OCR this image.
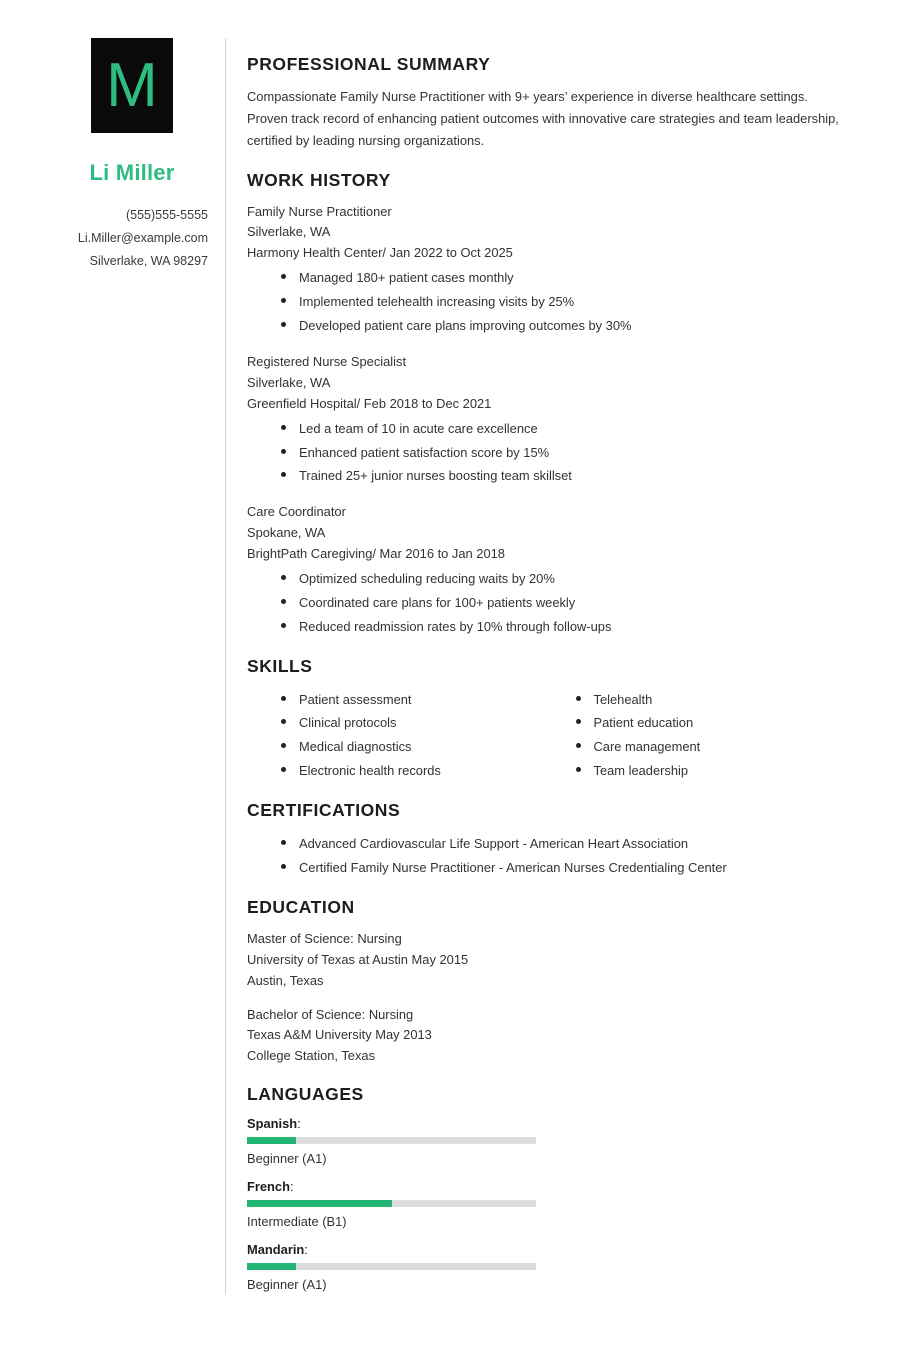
M
Li Miller
(555)555-5555
Li.Miller@example.com
Silverlake, WA 98297
PROFESSIONAL SUMMARY

Compassionate Family Nurse Practitioner with 9+ years’ experience in diverse healthcare settings. Proven track record of enhancing patient outcomes with innovative care strategies and team leadership, certified by leading nursing organizations.

WORK HISTORY
Family Nurse Practitioner
Silverlake, WA
Harmony Health Center/ Jan 2022 to Oct 2025
Managed 180+ patient cases monthly
Implemented telehealth increasing visits by 25%
Developed patient care plans improving outcomes by 30%
Registered Nurse Specialist
Silverlake, WA
Greenfield Hospital/ Feb 2018 to Dec 2021
Led a team of 10 in acute care excellence
Enhanced patient satisfaction score by 15%
Trained 25+ junior nurses boosting team skillset
Care Coordinator
Spokane, WA
BrightPath Caregiving/ Mar 2016 to Jan 2018
Optimized scheduling reducing waits by 20%
Coordinated care plans for 100+ patients weekly
Reduced readmission rates by 10% through follow-ups
SKILLS
Patient assessment
Clinical protocols
Medical diagnostics
Electronic health records
Telehealth
Patient education
Care management
Team leadership
CERTIFICATIONS
Advanced Cardiovascular Life Support - American Heart Association
Certified Family Nurse Practitioner - American Nurses Credentialing Center
EDUCATION
Master of Science: Nursing
University of Texas at Austin May 2015
Austin, Texas
Bachelor of Science: Nursing
Texas A&M University May 2013
College Station, Texas
LANGUAGES
Spanish:
Beginner (A1)
French:
Intermediate (B1)
Mandarin:
Beginner (A1)
